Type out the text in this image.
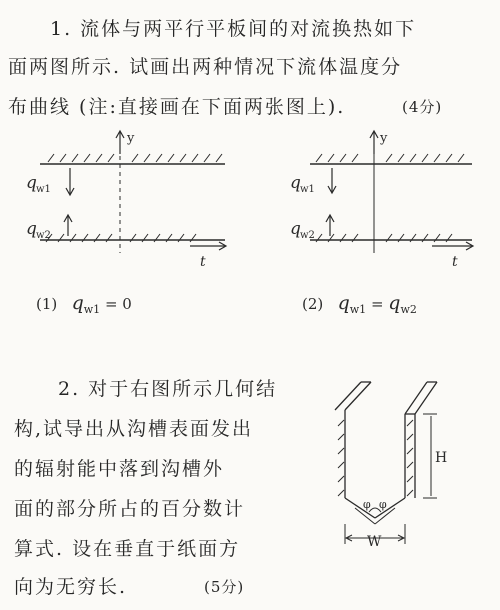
1. 流体与两平行平板间的对流换热如下
面两图所示. 试画出两种情况下流体温度分
布曲线 (注:直接画在下面两张图上).	(4分)
y
t
q w1
q w2
(1) $q_{w1} = 0$
y
t
q w1
q w2
(2) $q_{w1} = q_{w2}$
2. 对于右图所示几何结
构,试导出从沟槽表面发出
的辐射能中落到沟槽外
面的部分所占的百分数计
算式. 设在垂直于纸面方
向为无穷长.	(5分)
H
φ φ
W
